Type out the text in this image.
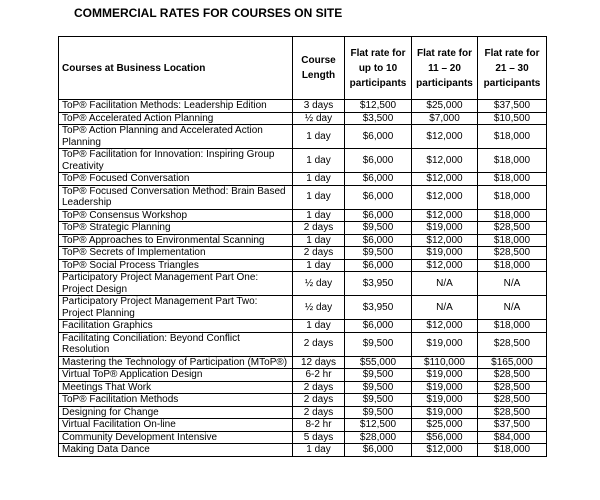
COMMERCIAL RATES FOR COURSES ON SITE
Courses at Business Location	Course Length	Flat rate for up to 10 participants	Flat rate for 11 – 20 participants	Flat rate for 21 – 30 participants
ToP® Facilitation Methods: Leadership Edition	3 days	$12,500	$25,000	$37,500
ToP® Accelerated Action Planning	½ day	$3,500	$7,000	$10,500
ToP® Action Planning and Accelerated Action Planning	1 day	$6,000	$12,000	$18,000
ToP® Facilitation for Innovation: Inspiring Group Creativity	1 day	$6,000	$12,000	$18,000
ToP® Focused Conversation	1 day	$6,000	$12,000	$18,000
ToP® Focused Conversation Method: Brain Based Leadership	1 day	$6,000	$12,000	$18,000
ToP® Consensus Workshop	1 day	$6,000	$12,000	$18,000
ToP® Strategic Planning	2 days	$9,500	$19,000	$28,500
ToP® Approaches to Environmental Scanning	1 day	$6,000	$12,000	$18,000
ToP® Secrets of Implementation	2 days	$9,500	$19,000	$28,500
ToP® Social Process Triangles	1 day	$6,000	$12,000	$18,000
Participatory Project Management Part One: Project Design	½ day	$3,950	N/A	N/A
Participatory Project Management Part Two: Project Planning	½ day	$3,950	N/A	N/A
Facilitation Graphics	1 day	$6,000	$12,000	$18,000
Facilitating Conciliation: Beyond Conflict Resolution	2 days	$9,500	$19,000	$28,500
Mastering the Technology of Participation (MToP®)	12 days	$55,000	$110,000	$165,000
Virtual ToP® Application Design	6-2 hr	$9,500	$19,000	$28,500
Meetings That Work	2 days	$9,500	$19,000	$28,500
ToP® Facilitation Methods	2 days	$9,500	$19,000	$28,500
Designing for Change	2 days	$9,500	$19,000	$28,500
Virtual Facilitation On-line	8-2 hr	$12,500	$25,000	$37,500
Community Development Intensive	5 days	$28,000	$56,000	$84,000
Making Data Dance	1 day	$6,000	$12,000	$18,000
